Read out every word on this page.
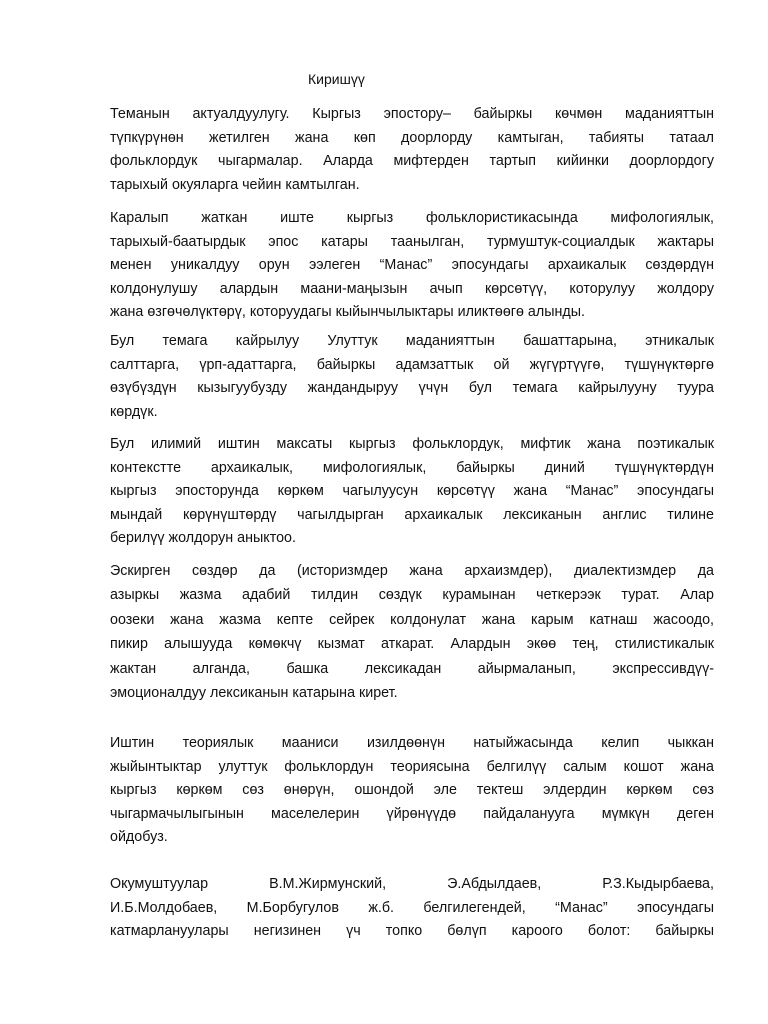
Киришүү

Теманын актуалдуулугу. Кыргыз эпостору– байыркы көчмөн маданияттын
түпкүрүнөн жетилген жана көп доорлорду камтыган, табияты татаал
фольклордук чыгармалар. Аларда мифтерден тартып кийинки доорлордогу
тарыхый окуяларга чейин камтылган.
Каралып жаткан иште кыргыз фольклористикасында мифологиялык,
тарыхый-баатырдык эпос катары таанылган, турмуштук-социалдык жактары
менен уникалдуу орун ээлеген “Манас” эпосундагы архаикалык сөздөрдүн
колдонулушу алардын маани-маңызын ачып көрсөтүү, которулуу жолдору
жана өзгөчөлүктөрү, которуудагы кыйынчылыктары иликтөөгө алынды.
Бул темага кайрылуу Улуттук маданияттын башаттарына, этникалык
салттарга, үрп-адаттарга, байыркы адамзаттык ой жүгүртүүгө, түшүнүктөргө
өзүбүздүн кызыгуубузду жандандыруу үчүн бул темага кайрылууну туура
көрдүк.
Бул илимий иштин максаты кыргыз фольклордук, мифтик жана поэтикалык
контекстте архаикалык, мифологиялык, байыркы диний түшүнүктөрдүн
кыргыз эпосторунда көркөм чагылуусун көрсөтүү жана “Манас” эпосундагы
мындай көрүнүштөрдү чагылдырган архаикалык лексиканын англис тилине
берилүү жолдорун аныктоо.
Эскирген сөздөр да (историзмдер жана архаизмдер), диалектизмдер да
азыркы жазма адабий тилдин сөздүк курамынан четкерээк турат. Алар
оозеки жана жазма кепте сейрек колдонулат жана карым катнаш жасоодо,
пикир алышууда көмөкчү кызмат аткарат. Алардын экөө тең, стилистикалык
жактан алганда, башка лексикадан айырмаланып, экспрессивдүү-
эмоционалдуу лексиканын катарына кирет.
Иштин теориялык мааниси изилдөөнүн натыйжасында келип чыккан
жыйынтыктар улуттук фольклордун теориясына белгилүү салым кошот жана
кыргыз көркөм сөз өнөрүн, ошондой эле тектеш элдердин көркөм сөз
чыгармачылыгынын маселелерин үйрөнүүдө пайдаланууга мүмкүн деген
ойдобуз.
Окумуштуулар В.М.Жирмунский, Э.Абдылдаев, Р.З.Кыдырбаева,
И.Б.Молдобаев, М.Борбугулов ж.б. белгилегендей, “Манас” эпосундагы
катмарлануулары негизинен үч топко бөлүп кароого болот: байыркы
